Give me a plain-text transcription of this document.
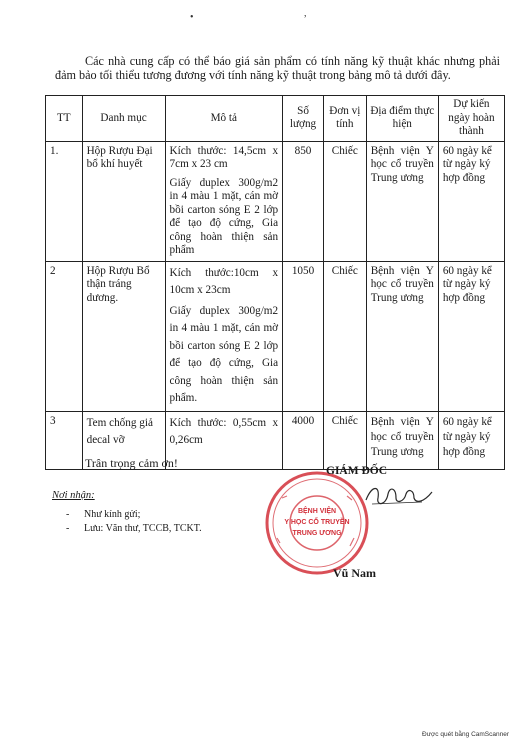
•	,

Các nhà cung cấp có thể báo giá sản phẩm có tính năng kỹ thuật khác nhưng phải đảm bảo tối thiểu tương đương với tính năng kỹ thuật trong bảng mô tả dưới đây.

TT	Danh mục	Mô tả	Số lượng	Đơn vị tính	Địa điểm thực hiện	Dự kiến ngày hoàn thành
1.	Hộp Rượu Đại bổ khí huyết	Kích thước: 14,5cm x 7cm x 23 cm
Giấy duplex 300g/m2 in 4 màu 1 mặt, cán mờ bồi carton sóng E 2 lớp để tạo độ cứng, Gia công hoàn thiện sản phẩm	850	Chiếc	Bệnh viện Y học cổ truyền Trung ương	60 ngày kể từ ngày ký hợp đồng
2	Hộp Rượu Bổ thận tráng dương.	Kích thước:10cm x 10cm x 23cm
Giấy duplex 300g/m2 in 4 màu 1 mặt, cán mờ bồi carton sóng E 2 lớp để tạo độ cứng, Gia công hoàn thiện sản phẩm.	1050	Chiếc	Bệnh viện Y học cổ truyền Trung ương	60 ngày kể từ ngày ký hợp đồng
3	Tem chống giả decal vỡ	Kích thước: 0,55cm x 0,26cm	4000	Chiếc	Bệnh viện Y học cổ truyền Trung ương	60 ngày kể từ ngày ký hợp đồng
Trân trọng cảm ơn!
Nơi nhận:
- Như kính gửi;
- Lưu: Văn thư, TCCB, TCKT.
BỆNH VIỆN
Y HỌC CỔ TRUYỀN
TRUNG ƯƠNG
GIÁM ĐỐC
Vũ Nam
Được quét bằng CamScanner
